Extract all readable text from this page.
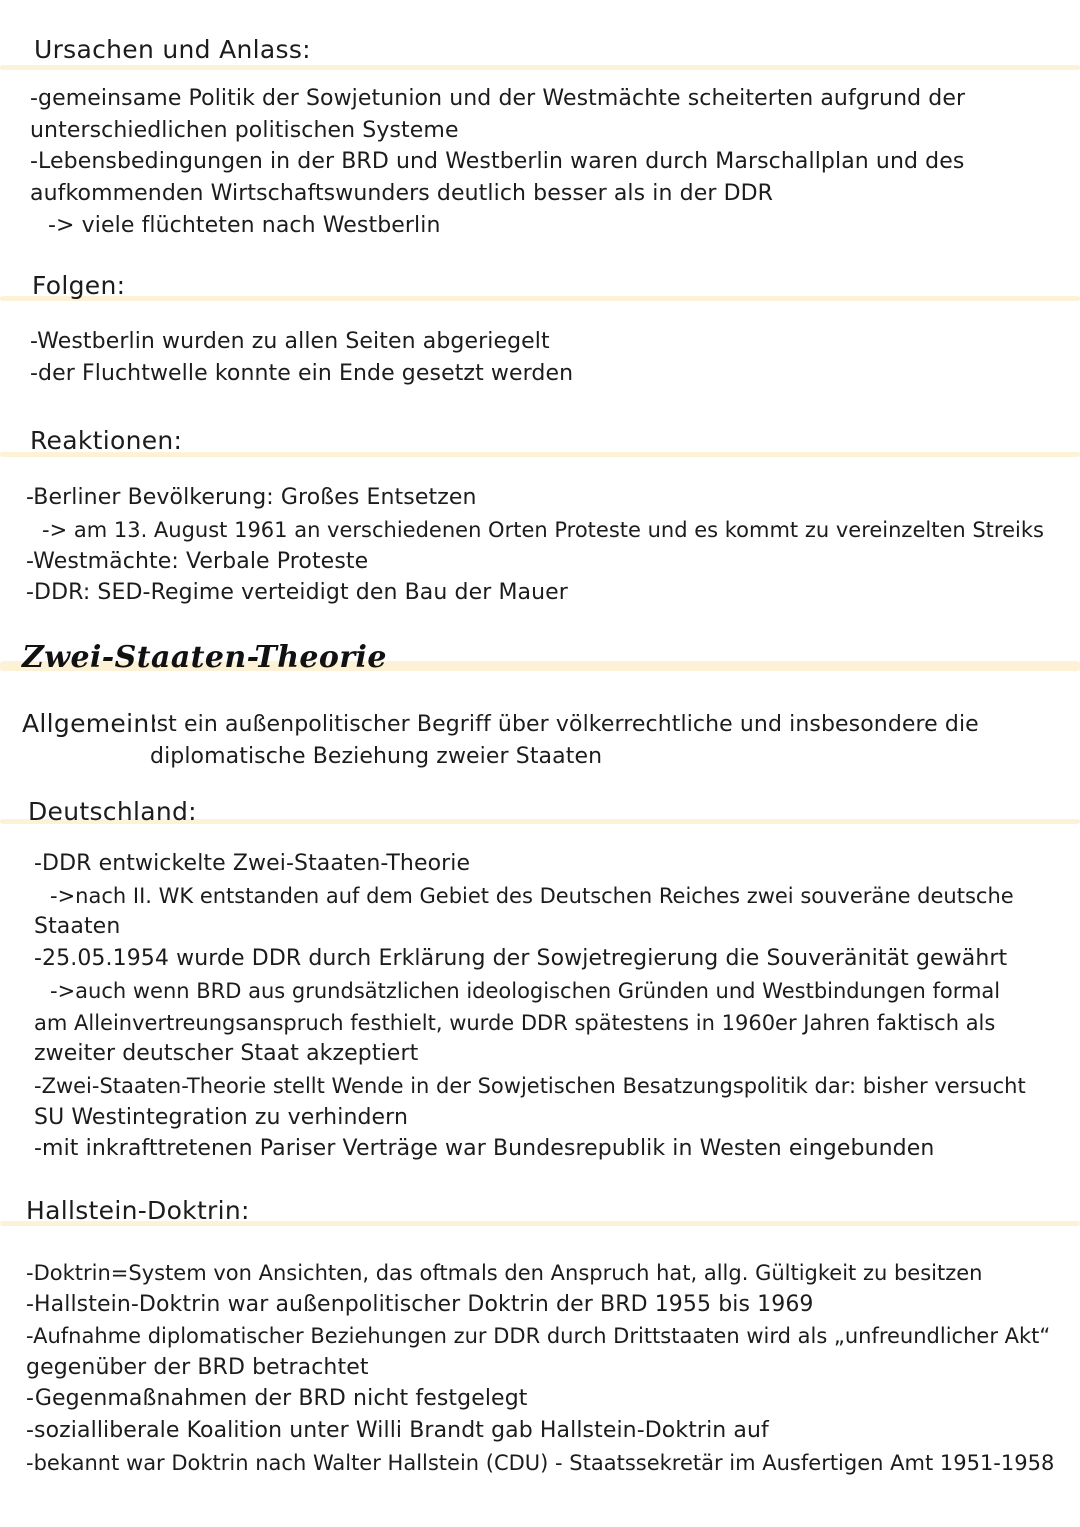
Ursachen und Anlass:
-gemeinsame Politik der Sowjetunion und der Westmächte scheiterten aufgrund der
unterschiedlichen politischen Systeme
-Lebensbedingungen in der BRD und Westberlin waren durch Marschallplan und des
aufkommenden Wirtschaftswunders deutlich besser als in der DDR
-> viele flüchteten nach Westberlin
Folgen:
-Westberlin wurden zu allen Seiten abgeriegelt
-der Fluchtwelle konnte ein Ende gesetzt werden
Reaktionen:
-Berliner Bevölkerung: Großes Entsetzen
-> am 13. August 1961 an verschiedenen Orten Proteste und es kommt zu vereinzelten Streiks
-Westmächte: Verbale Proteste
-DDR: SED-Regime verteidigt den Bau der Mauer
Zwei-Staaten-Theorie
Allgemein:
Ist ein außenpolitischer Begriff über völkerrechtliche und insbesondere die
diplomatische Beziehung zweier Staaten
Deutschland:
-DDR entwickelte Zwei-Staaten-Theorie
->nach II. WK entstanden auf dem Gebiet des Deutschen Reiches zwei souveräne deutsche
Staaten
-25.05.1954 wurde DDR durch Erklärung der Sowjetregierung die Souveränität gewährt
->auch wenn BRD aus grundsätzlichen ideologischen Gründen und Westbindungen formal
am Alleinvertreungsanspruch festhielt, wurde DDR spätestens in 1960er Jahren faktisch als
zweiter deutscher Staat akzeptiert
-Zwei-Staaten-Theorie stellt Wende in der Sowjetischen Besatzungspolitik dar: bisher versucht
SU Westintegration zu verhindern
-mit inkrafttretenen Pariser Verträge war Bundesrepublik in Westen eingebunden
Hallstein-Doktrin:
-Doktrin=System von Ansichten, das oftmals den Anspruch hat, allg. Gültigkeit zu besitzen
-Hallstein-Doktrin war außenpolitischer Doktrin der BRD 1955 bis 1969
-Aufnahme diplomatischer Beziehungen zur DDR durch Drittstaaten wird als „unfreundlicher Akt“
gegenüber der BRD betrachtet
-Gegenmaßnahmen der BRD nicht festgelegt
-sozialliberale Koalition unter Willi Brandt gab Hallstein-Doktrin auf
-bekannt war Doktrin nach Walter Hallstein (CDU) - Staatssekretär im Ausfertigen Amt 1951-1958
